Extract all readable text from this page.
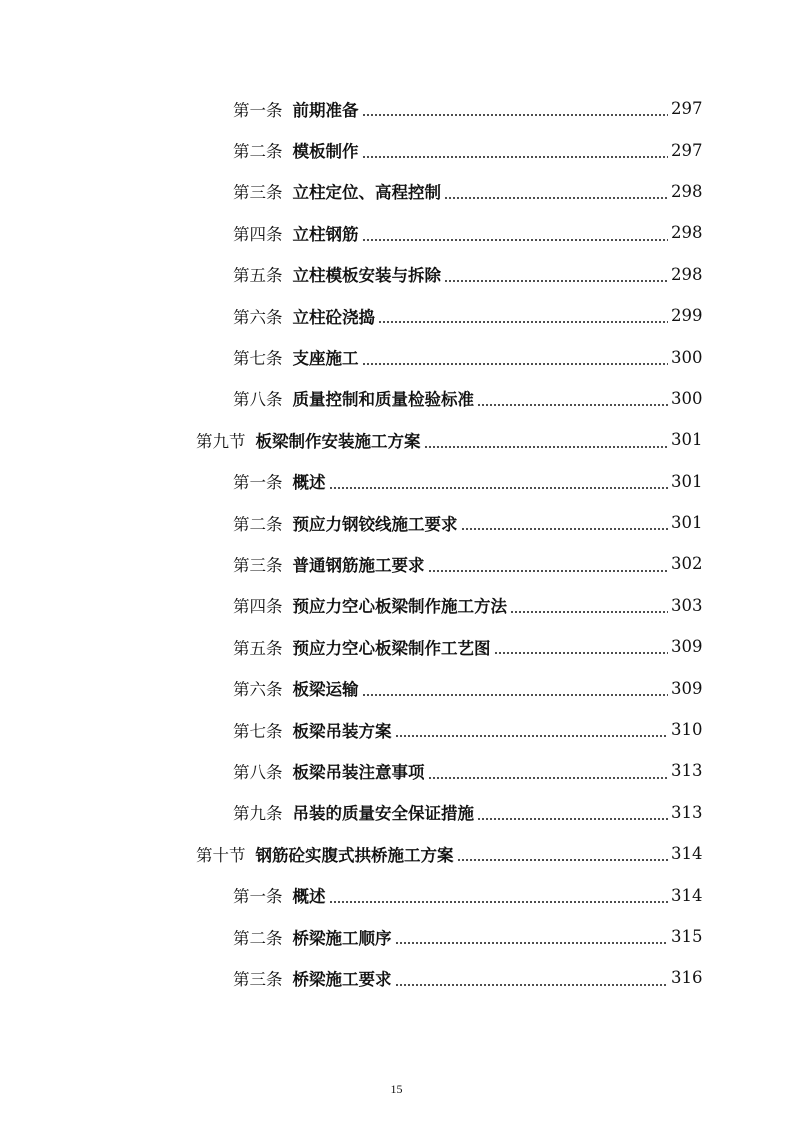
第一条 前期准备	297
第二条 模板制作	297
第三条 立柱定位、高程控制	298
第四条 立柱钢筋	298
第五条 立柱模板安装与拆除	298
第六条 立柱砼浇捣	299
第七条 支座施工	300
第八条 质量控制和质量检验标准	300
第九节 板梁制作安装施工方案	301
第一条 概述	301
第二条 预应力钢铰线施工要求	301
第三条 普通钢筋施工要求	302
第四条 预应力空心板梁制作施工方法	303
第五条 预应力空心板梁制作工艺图	309
第六条 板梁运输	309
第七条 板梁吊装方案	310
第八条 板梁吊装注意事项	313
第九条 吊装的质量安全保证措施	313
第十节 钢筋砼实腹式拱桥施工方案	314
第一条 概述	314
第二条 桥梁施工顺序	315
第三条 桥梁施工要求	316
15
